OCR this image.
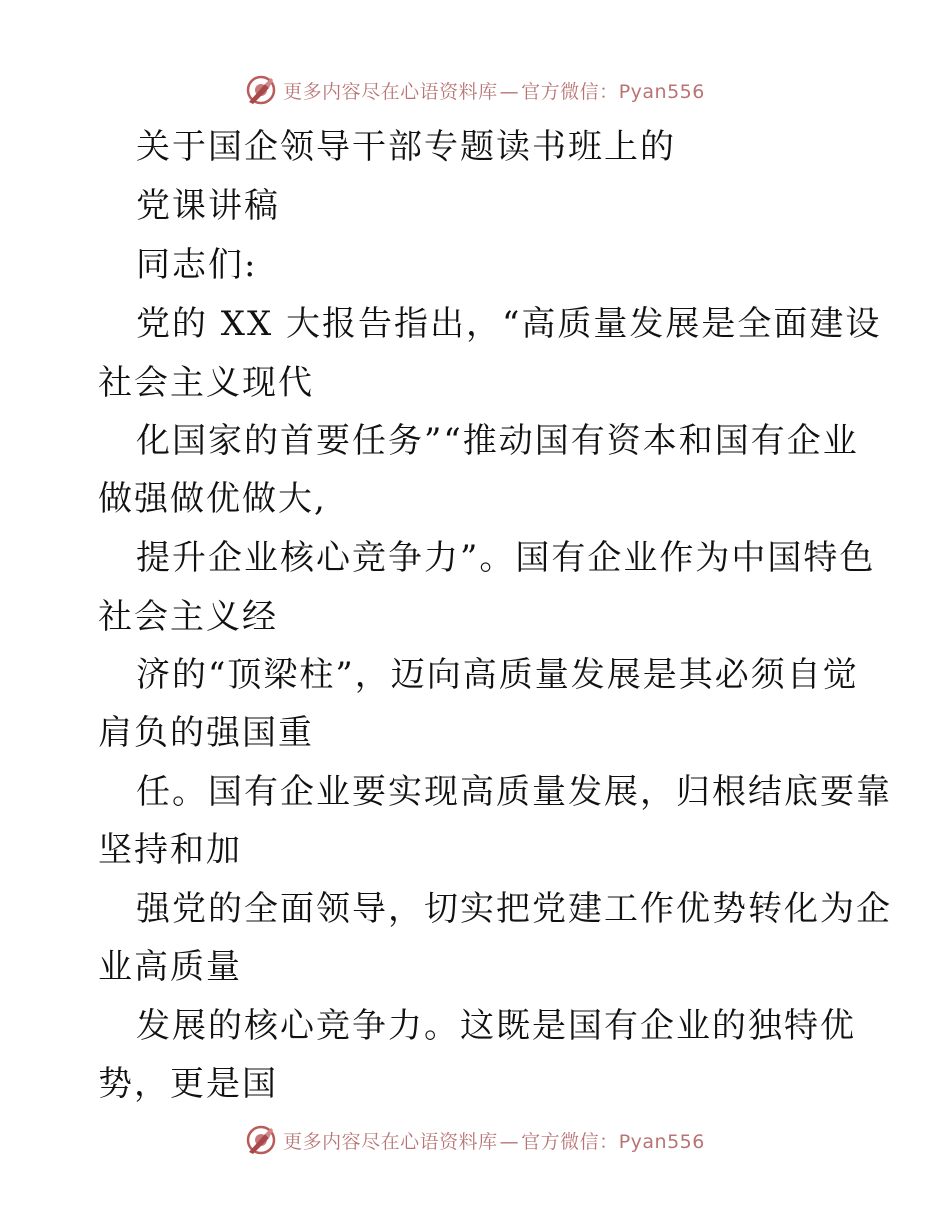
更多内容尽在心语资料库 — 官方微信：Pyan556
关于国企领导干部专题读书班上的
党课讲稿
同志们:
党的 XX 大报告指出，“高质量发展是全面建设
社会主义现代
化国家的首要任务”“推动国有资本和国有企业
做强做优做大,
提升企业核心竞争力”。国有企业作为中国特色
社会主义经
济的“顶梁柱”，迈向高质量发展是其必须自觉
肩负的强国重
任。国有企业要实现高质量发展，归根结底要靠
坚持和加
强党的全面领导，切实把党建工作优势转化为企
业高质量
发展的核心竞争力。这既是国有企业的独特优
势，更是国
更多内容尽在心语资料库 — 官方微信：Pyan556
